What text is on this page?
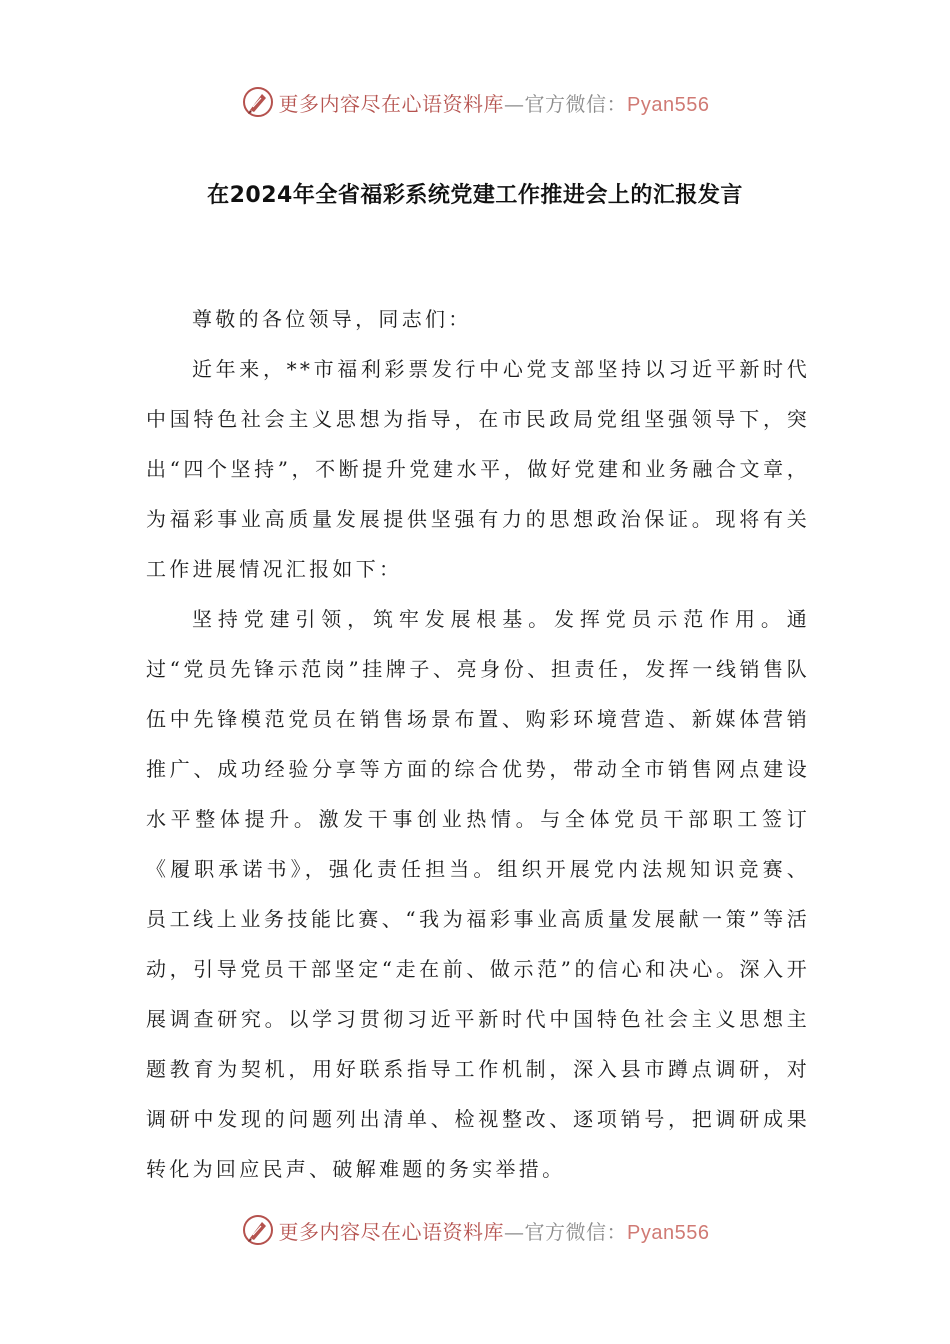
更多内容尽在心语资料库—官方微信：Pyan556
在2024年全省福彩系统党建工作推进会上的汇报发言

尊敬的各位领导，同志们：

近年来，**市福利彩票发行中心党支部坚持以习近平新时代中国特色社会主义思想为指导，在市民政局党组坚强领导下，突出“四个坚持”，不断提升党建水平，做好党建和业务融合文章，为福彩事业高质量发展提供坚强有力的思想政治保证。现将有关工作进展情况汇报如下：

坚持党建引领，筑牢发展根基。发挥党员示范作用。通过“党员先锋示范岗”挂牌子、亮身份、担责任，发挥一线销售队伍中先锋模范党员在销售场景布置、购彩环境营造、新媒体营销推广、成功经验分享等方面的综合优势，带动全市销售网点建设水平整体提升。激发干事创业热情。与全体党员干部职工签订《履职承诺书》，强化责任担当。组织开展党内法规知识竞赛、员工线上业务技能比赛、“我为福彩事业高质量发展献一策”等活动，引导党员干部坚定“走在前、做示范”的信心和决心。深入开展调查研究。以学习贯彻习近平新时代中国特色社会主义思想主题教育为契机，用好联系指导工作机制，深入县市蹲点调研，对调研中发现的问题列出清单、检视整改、逐项销号，把调研成果转化为回应民声、破解难题的务实举措。

更多内容尽在心语资料库—官方微信：Pyan556
